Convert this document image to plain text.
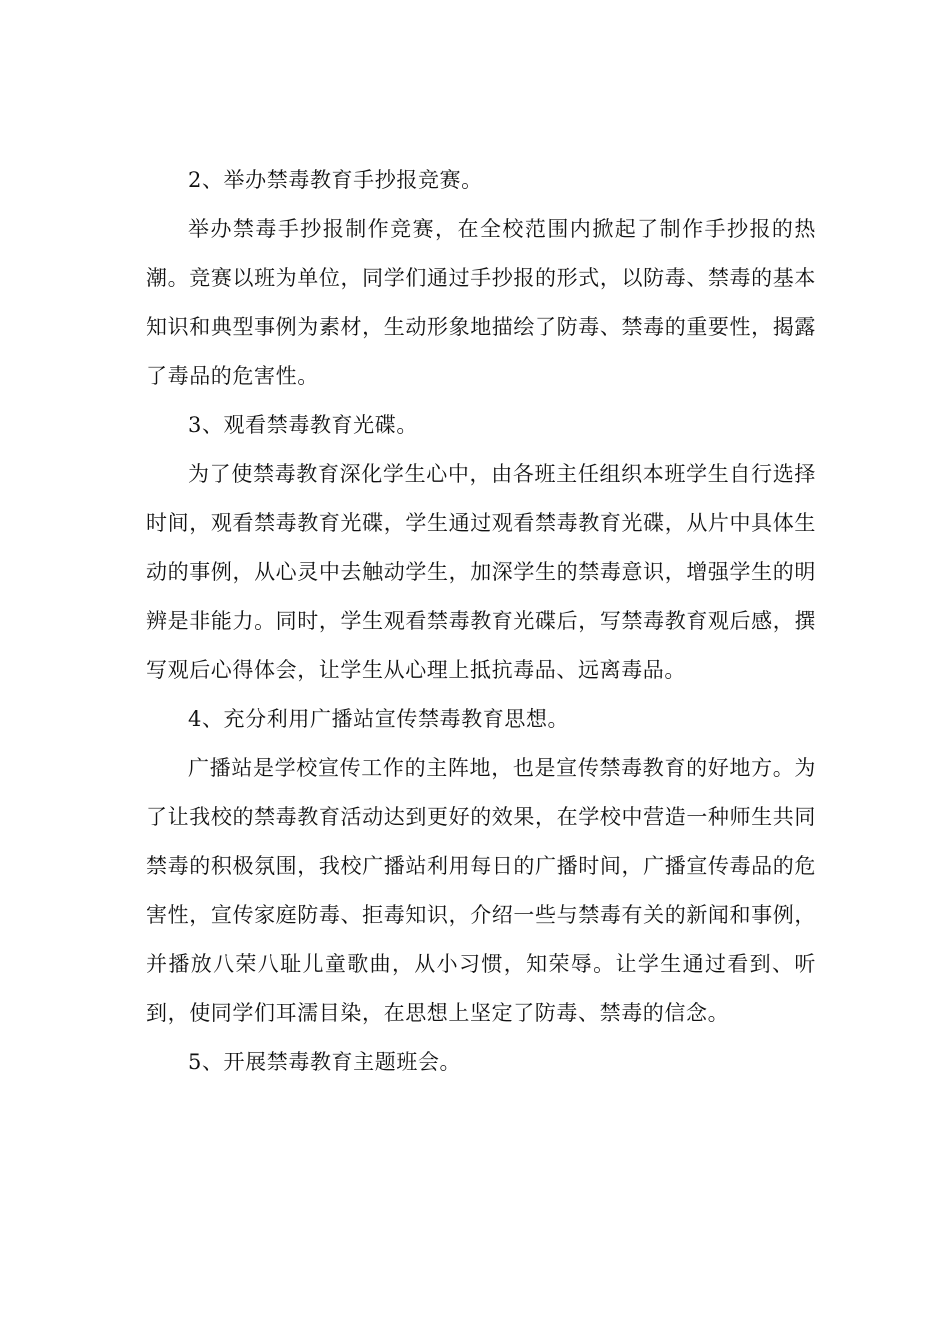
2、举办禁毒教育手抄报竞赛。

举办禁毒手抄报制作竞赛，在全校范围内掀起了制作手抄报的热潮。竞赛以班为单位，同学们通过手抄报的形式，以防毒、禁毒的基本知识和典型事例为素材，生动形象地描绘了防毒、禁毒的重要性，揭露了毒品的危害性。

3、观看禁毒教育光碟。

为了使禁毒教育深化学生心中，由各班主任组织本班学生自行选择时间，观看禁毒教育光碟，学生通过观看禁毒教育光碟，从片中具体生动的事例，从心灵中去触动学生，加深学生的禁毒意识，增强学生的明辨是非能力。同时，学生观看禁毒教育光碟后，写禁毒教育观后感，撰写观后心得体会，让学生从心理上抵抗毒品、远离毒品。

4、充分利用广播站宣传禁毒教育思想。

广播站是学校宣传工作的主阵地，也是宣传禁毒教育的好地方。为了让我校的禁毒教育活动达到更好的效果，在学校中营造一种师生共同禁毒的积极氛围，我校广播站利用每日的广播时间，广播宣传毒品的危害性，宣传家庭防毒、拒毒知识，介绍一些与禁毒有关的新闻和事例，并播放八荣八耻儿童歌曲，从小习惯，知荣辱。让学生通过看到、听到，使同学们耳濡目染，在思想上坚定了防毒、禁毒的信念。

5、开展禁毒教育主题班会。
